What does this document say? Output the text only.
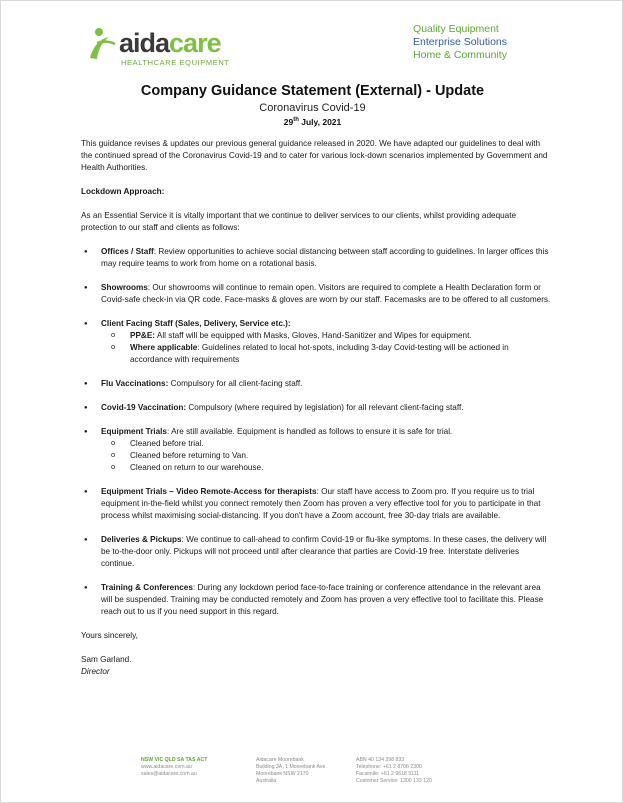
aidacare
HEALTHCARE EQUIPMENT
Quality Equipment
Enterprise Solutions
Home & Community
Company Guidance Statement (External) - Update
Coronavirus Covid-19
29th July, 2021

This guidance revises & updates our previous general guidance released in 2020. We have adapted our guidelines to deal with the continued spread of the Coronavirus Covid-19 and to cater for various lock-down scenarios implemented by Government and Health Authorities.

Lockdown Approach:

As an Essential Service it is vitally important that we continue to deliver services to our clients, whilst providing adequate protection to our staff and clients as follows:

● Offices / Staff: Review opportunities to achieve social distancing between staff according to guidelines. In larger offices this may require teams to work from home on a rotational basis.
● Showrooms: Our showrooms will continue to remain open. Visitors are required to complete a Health Declaration form or Covid-safe check-in via QR code. Face-masks & gloves are worn by our staff. Facemasks are to be offered to all customers.
● Client Facing Staff (Sales, Delivery, Service etc.):
o PP&E: All staff will be equipped with Masks, Gloves, Hand-Sanitizer and Wipes for equipment.
o Where applicable: Guidelines related to local hot-spots, including 3-day Covid-testing will be actioned in accordance with requirements
● Flu Vaccinations: Compulsory for all client-facing staff.
● Covid-19 Vaccination: Compulsory (where required by legislation) for all relevant client-facing staff.
● Equipment Trials: Are still available. Equipment is handled as follows to ensure it is safe for trial.
o Cleaned before trial.
o Cleaned before returning to Van.
o Cleaned on return to our warehouse.
● Equipment Trials – Video Remote-Access for therapists: Our staff have access to Zoom pro. If you require us to trial equipment in-the-field whilst you connect remotely then Zoom has proven a very effective tool for you to participate in that process whilst maximising social-distancing. If you don't have a Zoom account, free 30-day trials are available.
● Deliveries & Pickups: We continue to call-ahead to confirm Covid-19 or flu-like symptoms. In these cases, the delivery will be to-the-door only. Pickups will not proceed until after clearance that parties are Covid-19 free. Interstate deliveries continue.
● Training & Conferences: During any lockdown period face-to-face training or conference attendance in the relevant area will be suspended. Training may be conducted remotely and Zoom has proven a very effective tool to facilitate this. Please reach out to us if you need support in this regard.

Yours sincerely,

Sam Garland.
Director
NSW VIC QLD SA TAS ACT
www.aidacare.com.au
sales@aidacare.com.au
Aidacare Moorebank
Building 3A, 1 Moorebank Ave
Moorebank NSW 2170
Australia
ABN 40 134 398 833
Telephone: +61 2 8706 2300
Facsimile: +61 2 9618 5111
Customer Service: 1300 133 120
